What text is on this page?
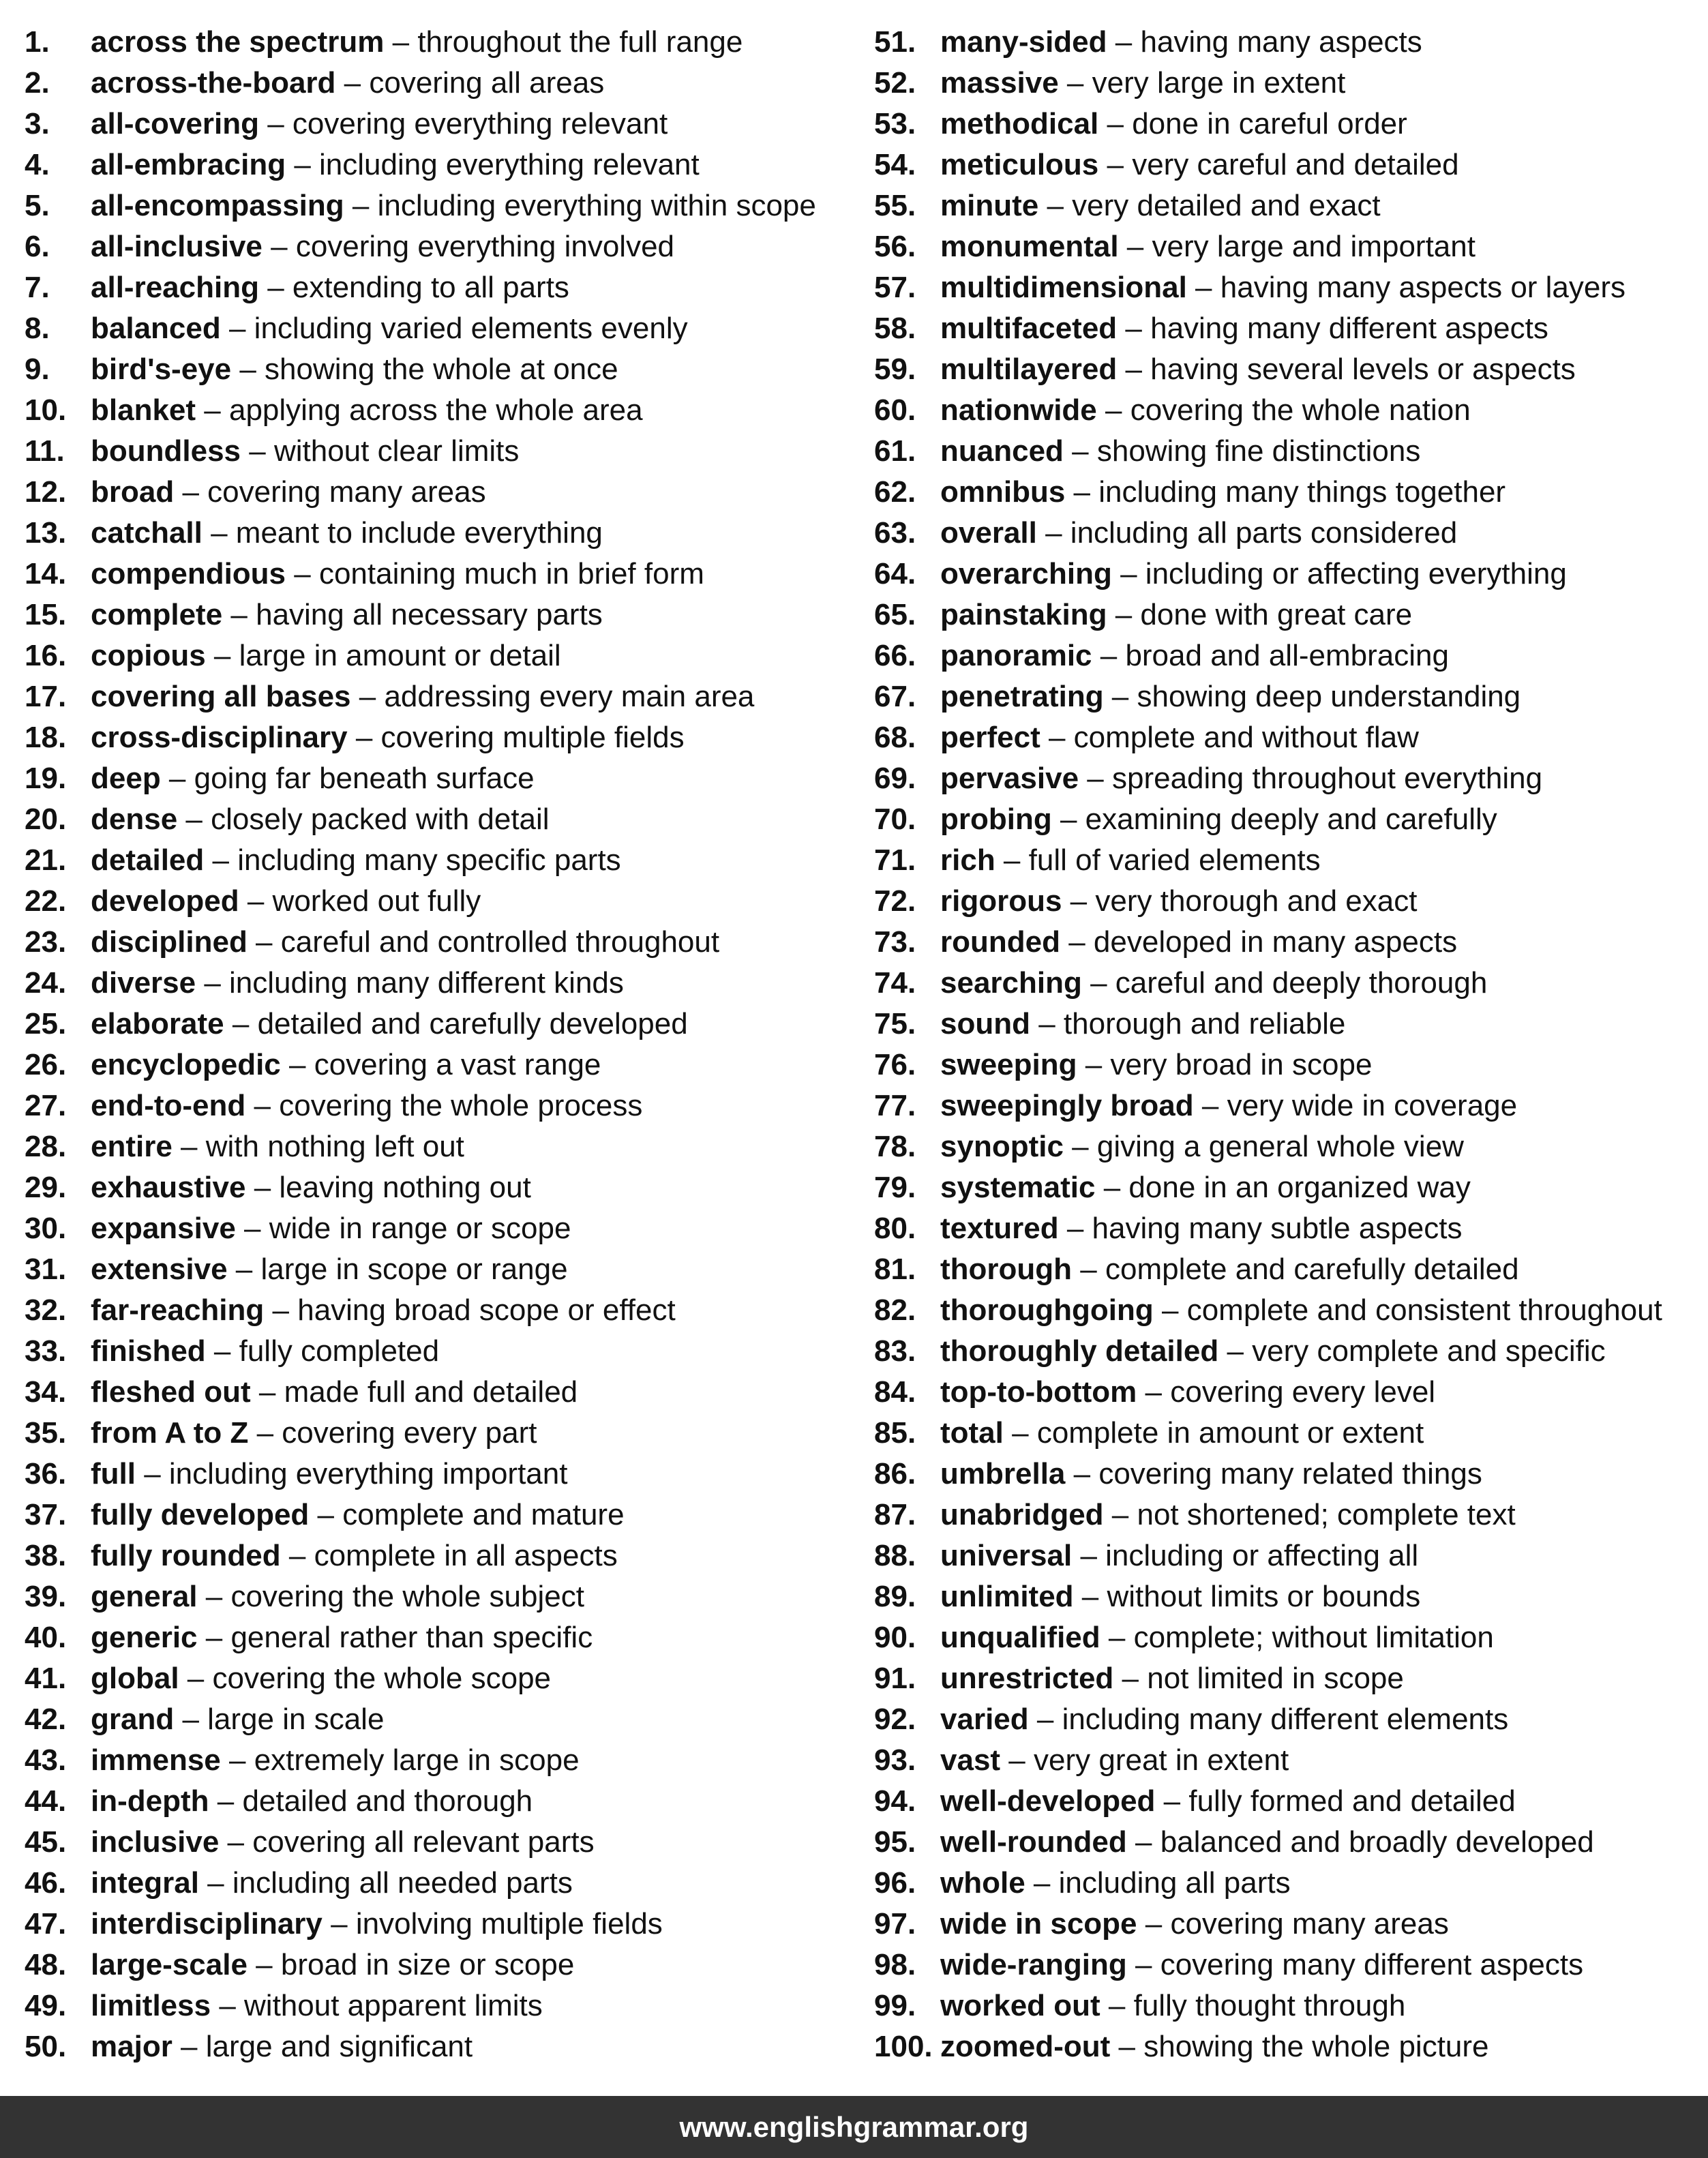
1. across the spectrum – throughout the full range
2. across-the-board – covering all areas
3. all-covering – covering everything relevant
4. all-embracing – including everything relevant
5. all-encompassing – including everything within scope
6. all-inclusive – covering everything involved
7. all-reaching – extending to all parts
8. balanced – including varied elements evenly
9. bird's-eye – showing the whole at once
10. blanket – applying across the whole area
11. boundless – without clear limits
12. broad – covering many areas
13. catchall – meant to include everything
14. compendious – containing much in brief form
15. complete – having all necessary parts
16. copious – large in amount or detail
17. covering all bases – addressing every main area
18. cross-disciplinary – covering multiple fields
19. deep – going far beneath surface
20. dense – closely packed with detail
21. detailed – including many specific parts
22. developed – worked out fully
23. disciplined – careful and controlled throughout
24. diverse – including many different kinds
25. elaborate – detailed and carefully developed
26. encyclopedic – covering a vast range
27. end-to-end – covering the whole process
28. entire – with nothing left out
29. exhaustive – leaving nothing out
30. expansive – wide in range or scope
31. extensive – large in scope or range
32. far-reaching – having broad scope or effect
33. finished – fully completed
34. fleshed out – made full and detailed
35. from A to Z – covering every part
36. full – including everything important
37. fully developed – complete and mature
38. fully rounded – complete in all aspects
39. general – covering the whole subject
40. generic – general rather than specific
41. global – covering the whole scope
42. grand – large in scale
43. immense – extremely large in scope
44. in-depth – detailed and thorough
45. inclusive – covering all relevant parts
46. integral – including all needed parts
47. interdisciplinary – involving multiple fields
48. large-scale – broad in size or scope
49. limitless – without apparent limits
50. major – large and significant
51. many-sided – having many aspects
52. massive – very large in extent
53. methodical – done in careful order
54. meticulous – very careful and detailed
55. minute – very detailed and exact
56. monumental – very large and important
57. multidimensional – having many aspects or layers
58. multifaceted – having many different aspects
59. multilayered – having several levels or aspects
60. nationwide – covering the whole nation
61. nuanced – showing fine distinctions
62. omnibus – including many things together
63. overall – including all parts considered
64. overarching – including or affecting everything
65. painstaking – done with great care
66. panoramic – broad and all-embracing
67. penetrating – showing deep understanding
68. perfect – complete and without flaw
69. pervasive – spreading throughout everything
70. probing – examining deeply and carefully
71. rich – full of varied elements
72. rigorous – very thorough and exact
73. rounded – developed in many aspects
74. searching – careful and deeply thorough
75. sound – thorough and reliable
76. sweeping – very broad in scope
77. sweepingly broad – very wide in coverage
78. synoptic – giving a general whole view
79. systematic – done in an organized way
80. textured – having many subtle aspects
81. thorough – complete and carefully detailed
82. thoroughgoing – complete and consistent throughout
83. thoroughly detailed – very complete and specific
84. top-to-bottom – covering every level
85. total – complete in amount or extent
86. umbrella – covering many related things
87. unabridged – not shortened; complete text
88. universal – including or affecting all
89. unlimited – without limits or bounds
90. unqualified – complete; without limitation
91. unrestricted – not limited in scope
92. varied – including many different elements
93. vast – very great in extent
94. well-developed – fully formed and detailed
95. well-rounded – balanced and broadly developed
96. whole – including all parts
97. wide in scope – covering many areas
98. wide-ranging – covering many different aspects
99. worked out – fully thought through
100. zoomed-out – showing the whole picture
www.englishgrammar.org
